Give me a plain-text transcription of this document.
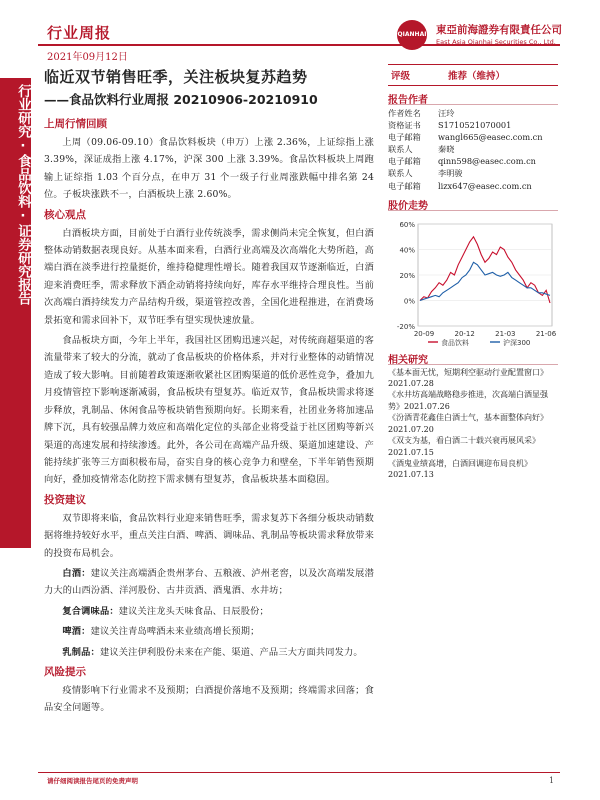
行业研究·食品饮料·证券研究报告
行业周报
2021年09月12日
QIANHAI 東亞前海證券有限責任公司
East Asia Qianhai Securities Co., Ltd.
临近双节销售旺季，关注板块复苏趋势
——食品饮料行业周报 20210906-20210910
上周行情回顾

上周（09.06-09.10）食品饮料板块（申万）上涨 2.36%，上证综指上涨 3.39%，深证成指上涨 4.17%，沪深 300 上涨 3.39%。食品饮料板块上周跑输上证综指 1.03 个百分点，在申万 31 个一级子行业周涨跌幅中排名第 24 位。子板块涨跌不一，白酒板块上涨 2.60%。

核心观点

白酒板块方面，目前处于白酒行业传统淡季，需求侧尚未完全恢复，但白酒整体动销数据表现良好。从基本面来看，白酒行业高端及次高端化大势所趋，高端白酒在淡季进行控量挺价，维持稳健理性增长。随着我国双节逐渐临近，白酒迎来消费旺季，需求释放下酒企动销将持续向好，库存水平维持合理良性。当前次高端白酒持续发力产品结构升级，渠道管控改善，全国化进程推进，在消费场景拓宽和需求回补下，双节旺季有望实现快速放量。

食品板块方面，今年上半年，我国社区团购迅速兴起，对传统商超渠道的客流量带来了较大的分流，就动了食品板块的价格体系，并对行业整体的动销情况造成了较大影响。目前随着政策逐渐收紧社区团购渠道的低价恶性竞争，叠加九月疫情管控下影响逐渐减弱，食品板块有望复苏。临近双节，食品板块需求将逐步释放，乳制品、休闲食品等板块销售预期向好。长期来看，社团业务将加速品牌下沉，具有较强品牌力效应和高端化定位的头部企业将受益于社区团购等新兴渠道的高速发展和持续渗透。此外，各公司在高端产品升级、渠道加速建设、产能持续扩张等三方面积极布局，奋实自身的核心竞争力和壁垒，下半年销售预期向好，叠加疫情常态化防控下需求侧有望复苏，食品板块基本面稳固。

投资建议

双节即将来临，食品饮料行业迎来销售旺季，需求复苏下各细分板块动销数据将维持较好水平，重点关注白酒、啤酒、调味品、乳制品等板块需求释放带来的投资布局机会。

白酒：建议关注高端酒企贵州茅台、五粮液、泸州老窖，以及次高端发展潜力大的山西汾酒、洋河股份、古井贡酒、酒鬼酒、水井坊；

复合调味品：建议关注龙头天味食品、日辰股份；

啤酒：建议关注青岛啤酒未来业绩高增长预期；

乳制品：建议关注伊利股份未来在产能、渠道、产品三大方面共同发力。

风险提示

疫情影响下行业需求不及预期；白酒提价落地不及预期；终端需求回落；食品安全问题等。

评级	推荐（维持）
报告作者
作者姓名	汪玲
资格证书	S1710521070001
电子邮箱	wangl665@easec.com.cn
联系人	秦晓
电子邮箱	qinn598@easec.com.cn
联系人	李明骏
电子邮箱	lizx647@easec.com.cn
股价走势
60%
40%
20%
0%
-20%
20-09	20-12	21-03	21-06
食品饮料	沪深300
相关研究
《基本面无忧，短期利空驱动行业配置窗口》2021.07.28
《水井坊高端战略稳步推进，次高端白酒显强势》2021.07.26
《汾酒青花鑫佳白酒士气，基本面整体向好》2021.07.20
《双支为基，看白酒二十载兴衰再展风采》2021.07.15
《酒鬼业绩高增，白酒回调迎布局良机》2021.07.13
请仔细阅读报告尾页的免责声明	1
